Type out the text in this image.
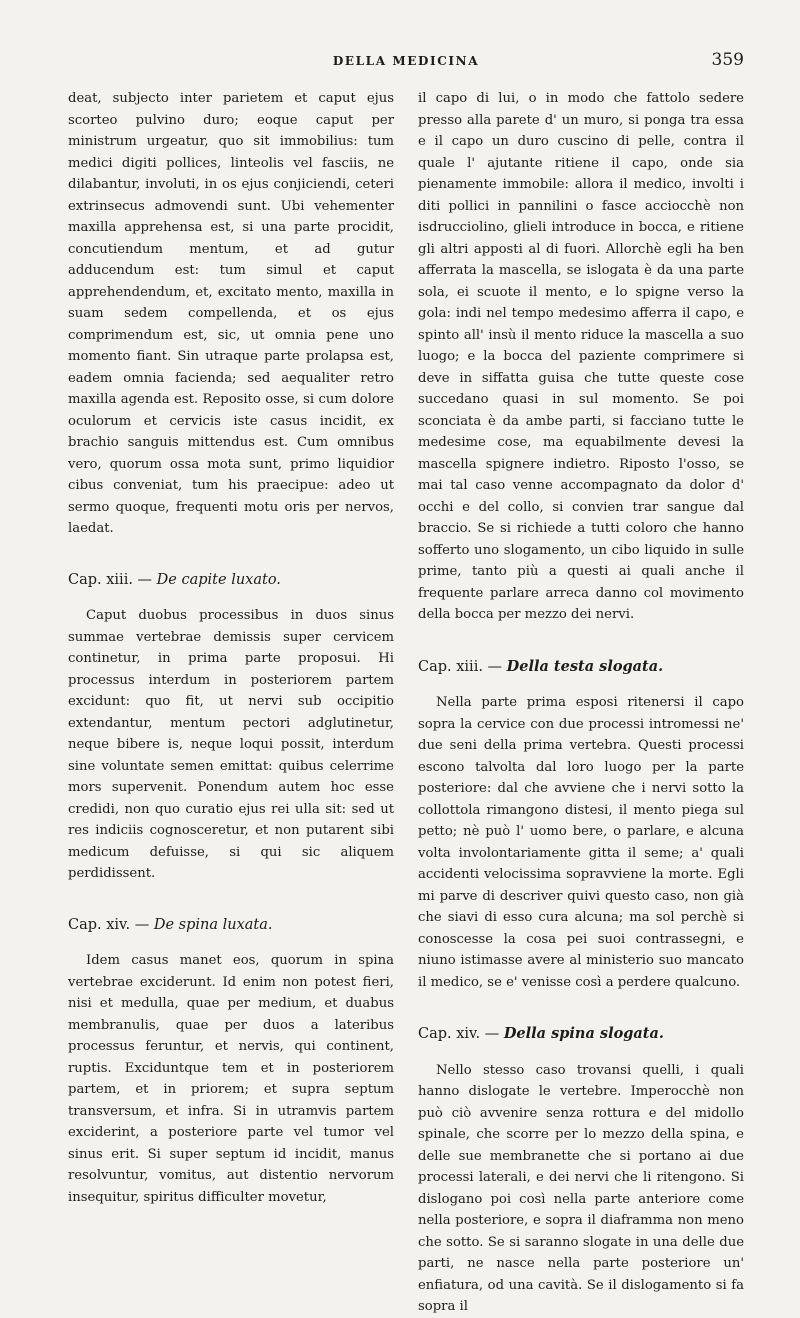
DELLA MEDICINA	359

deat, subjecto inter parietem et caput ejus scorteo pulvino duro; eoque caput per ministrum urgeatur, quo sit immobilius: tum medici digiti pollices, linteolis vel fasciis, ne dilabantur, involuti, in os ejus conjiciendi, ceteri extrinsecus admovendi sunt. Ubi vehementer maxilla apprehensa est, si una parte procidit, concutiendum mentum, et ad gutur adducendum est: tum simul et caput apprehendendum, et, excitato mento, maxilla in suam sedem compellenda, et os ejus comprimendum est, sic, ut omnia pene uno momento fiant. Sin utraque parte prolapsa est, eadem omnia facienda; sed aequaliter retro maxilla agenda est. Reposito osse, si cum dolore oculorum et cervicis iste casus incidit, ex brachio sanguis mittendus est. Cum omnibus vero, quorum ossa mota sunt, primo liquidior cibus conveniat, tum his praecipue: adeo ut sermo quoque, frequenti motu oris per nervos, laedat.

Cap. xiii. — De capite luxato.

Caput duobus processibus in duos sinus summae vertebrae demissis super cervicem continetur, in prima parte proposui. Hi processus interdum in posteriorem partem excidunt: quo fit, ut nervi sub occipitio extendantur, mentum pectori adglutinetur, neque bibere is, neque loqui possit, interdum sine voluntate semen emittat: quibus celerrime mors supervenit. Ponendum autem hoc esse credidi, non quo curatio ejus rei ulla sit: sed ut res indiciis cognosceretur, et non putarent sibi medicum defuisse, si qui sic aliquem perdidissent.

Cap. xiv. — De spina luxata.

Idem casus manet eos, quorum in spina vertebrae exciderunt. Id enim non potest fieri, nisi et medulla, quae per medium, et duabus membranulis, quae per duos a lateribus processus feruntur, et nervis, qui continent, ruptis. Exciduntque tem et in posteriorem partem, et in priorem; et supra septum transversum, et infra. Si in utramvis partem exciderint, a posteriore parte vel tumor vel sinus erit. Si super septum id incidit, manus resolvuntur, vomitus, aut distentio nervorum insequitur, spiritus difficulter movetur,

il capo di lui, o in modo che fattolo sedere presso alla parete d' un muro, si ponga tra essa e il capo un duro cuscino di pelle, contra il quale l' ajutante ritiene il capo, onde sia pienamente immobile: allora il medico, involti i diti pollici in pannilini o fasce acciocchè non isdrucciolino, glieli introduce in bocca, e ritiene gli altri apposti al di fuori. Allorchè egli ha ben afferrata la mascella, se islogata è da una parte sola, ei scuote il mento, e lo spigne verso la gola: indi nel tempo medesimo afferra il capo, e spinto all' insù il mento riduce la mascella a suo luogo; e la bocca del paziente comprimere si deve in siffatta guisa che tutte queste cose succedano quasi in sul momento. Se poi sconciata è da ambe parti, si facciano tutte le medesime cose, ma equabilmente devesi la mascella spignere indietro. Riposto l'osso, se mai tal caso venne accompagnato da dolor d' occhi e del collo, si convien trar sangue dal braccio. Se si richiede a tutti coloro che hanno sofferto uno slogamento, un cibo liquido in sulle prime, tanto più a questi ai quali anche il frequente parlare arreca danno col movimento della bocca per mezzo dei nervi.

Cap. xiii. — Della testa slogata.

Nella parte prima esposi ritenersi il capo sopra la cervice con due processi intromessi ne' due seni della prima vertebra. Questi processi escono talvolta dal loro luogo per la parte posteriore: dal che avviene che i nervi sotto la collottola rimangono distesi, il mento piega sul petto; nè può l' uomo bere, o parlare, e alcuna volta involontariamente gitta il seme; a' quali accidenti velocissima sopravviene la morte. Egli mi parve di descriver quivi questo caso, non già che siavi di esso cura alcuna; ma sol perchè si conoscesse la cosa pei suoi contrassegni, e niuno istimasse avere al ministerio suo mancato il medico, se e' venisse così a perdere qualcuno.

Cap. xiv. — Della spina slogata.

Nello stesso caso trovansi quelli, i quali hanno dislogate le vertebre. Imperocchè non può ciò avvenire senza rottura e del midollo spinale, che scorre per lo mezzo della spina, e delle sue membranette che si portano ai due processi laterali, e dei nervi che li ritengono. Si dislogano poi così nella parte anteriore come nella posteriore, e sopra il diaframma non meno che sotto. Se si saranno slogate in una delle due parti, ne nasce nella parte posteriore un' enfiatura, od una cavità. Se il dislogamento si fa sopra il
